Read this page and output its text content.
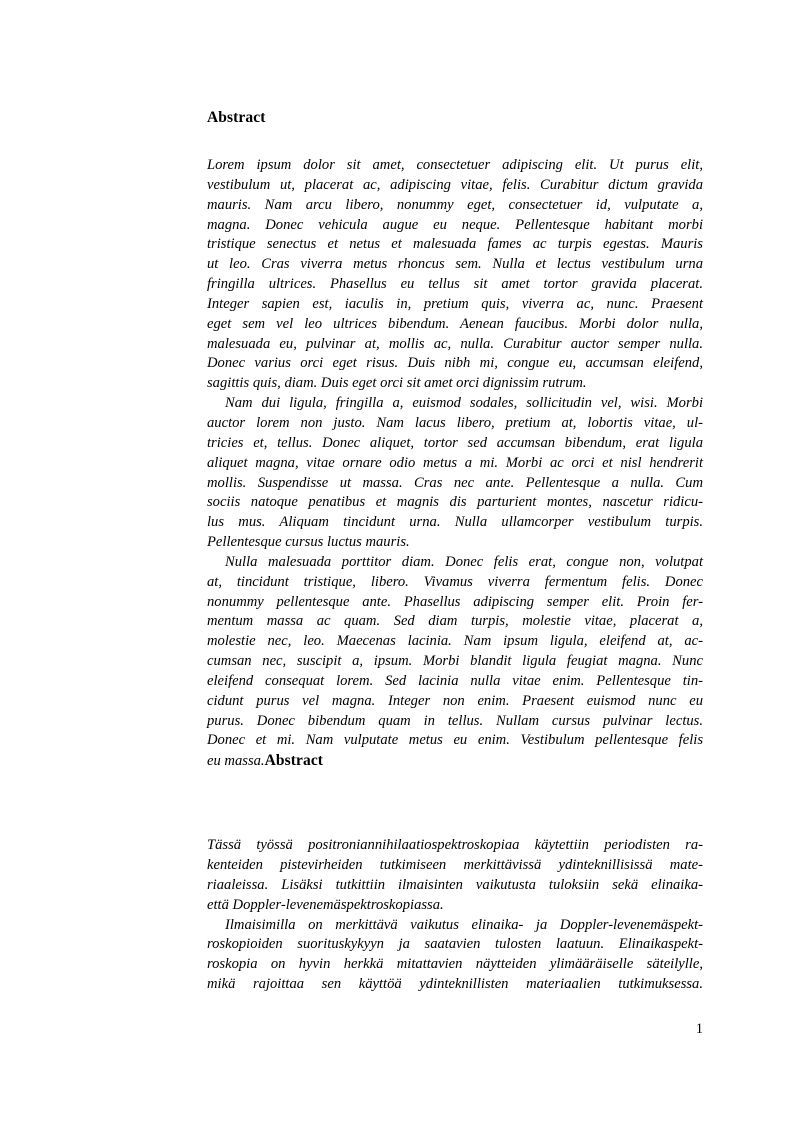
Abstract

Lorem ipsum dolor sit amet, consectetuer adipiscing elit. Ut purus elit,
vestibulum ut, placerat ac, adipiscing vitae, felis. Curabitur dictum gravida
mauris. Nam arcu libero, nonummy eget, consectetuer id, vulputate a,
magna. Donec vehicula augue eu neque. Pellentesque habitant morbi
tristique senectus et netus et malesuada fames ac turpis egestas. Mauris
ut leo. Cras viverra metus rhoncus sem. Nulla et lectus vestibulum urna
fringilla ultrices. Phasellus eu tellus sit amet tortor gravida placerat.
Integer sapien est, iaculis in, pretium quis, viverra ac, nunc. Praesent
eget sem vel leo ultrices bibendum. Aenean faucibus. Morbi dolor nulla,
malesuada eu, pulvinar at, mollis ac, nulla. Curabitur auctor semper nulla.
Donec varius orci eget risus. Duis nibh mi, congue eu, accumsan eleifend,
sagittis quis, diam. Duis eget orci sit amet orci dignissim rutrum.

Nam dui ligula, fringilla a, euismod sodales, sollicitudin vel, wisi. Morbi
auctor lorem non justo. Nam lacus libero, pretium at, lobortis vitae, ul-
tricies et, tellus. Donec aliquet, tortor sed accumsan bibendum, erat ligula
aliquet magna, vitae ornare odio metus a mi. Morbi ac orci et nisl hendrerit
mollis. Suspendisse ut massa. Cras nec ante. Pellentesque a nulla. Cum
sociis natoque penatibus et magnis dis parturient montes, nascetur ridicu-
lus mus. Aliquam tincidunt urna. Nulla ullamcorper vestibulum turpis.
Pellentesque cursus luctus mauris.

Nulla malesuada porttitor diam. Donec felis erat, congue non, volutpat
at, tincidunt tristique, libero. Vivamus viverra fermentum felis. Donec
nonummy pellentesque ante. Phasellus adipiscing semper elit. Proin fer-
mentum massa ac quam. Sed diam turpis, molestie vitae, placerat a,
molestie nec, leo. Maecenas lacinia. Nam ipsum ligula, eleifend at, ac-
cumsan nec, suscipit a, ipsum. Morbi blandit ligula feugiat magna. Nunc
eleifend consequat lorem. Sed lacinia nulla vitae enim. Pellentesque tin-
cidunt purus vel magna. Integer non enim. Praesent euismod nunc eu
purus. Donec bibendum quam in tellus. Nullam cursus pulvinar lectus.
Donec et mi. Nam vulputate metus eu enim. Vestibulum pellentesque felis
eu massa.Abstract

Tässä työssä positroniannihilaatiospektroskopiaa käytettiin periodisten ra-
kenteiden pistevirheiden tutkimiseen merkittävissä ydinteknillisissä mate-
riaaleissa. Lisäksi tutkittiin ilmaisinten vaikutusta tuloksiin sekä elinaika-
että Doppler-levenemäspektroskopiassa.

Ilmaisimilla on merkittävä vaikutus elinaika- ja Doppler-levenemäspekt-
roskopioiden suorituskykyyn ja saatavien tulosten laatuun. Elinaikaspekt-
roskopia on hyvin herkkä mitattavien näytteiden ylimääräiselle säteilylle,
mikä rajoittaa sen käyttöä ydinteknillisten materiaalien tutkimuksessa.

1
